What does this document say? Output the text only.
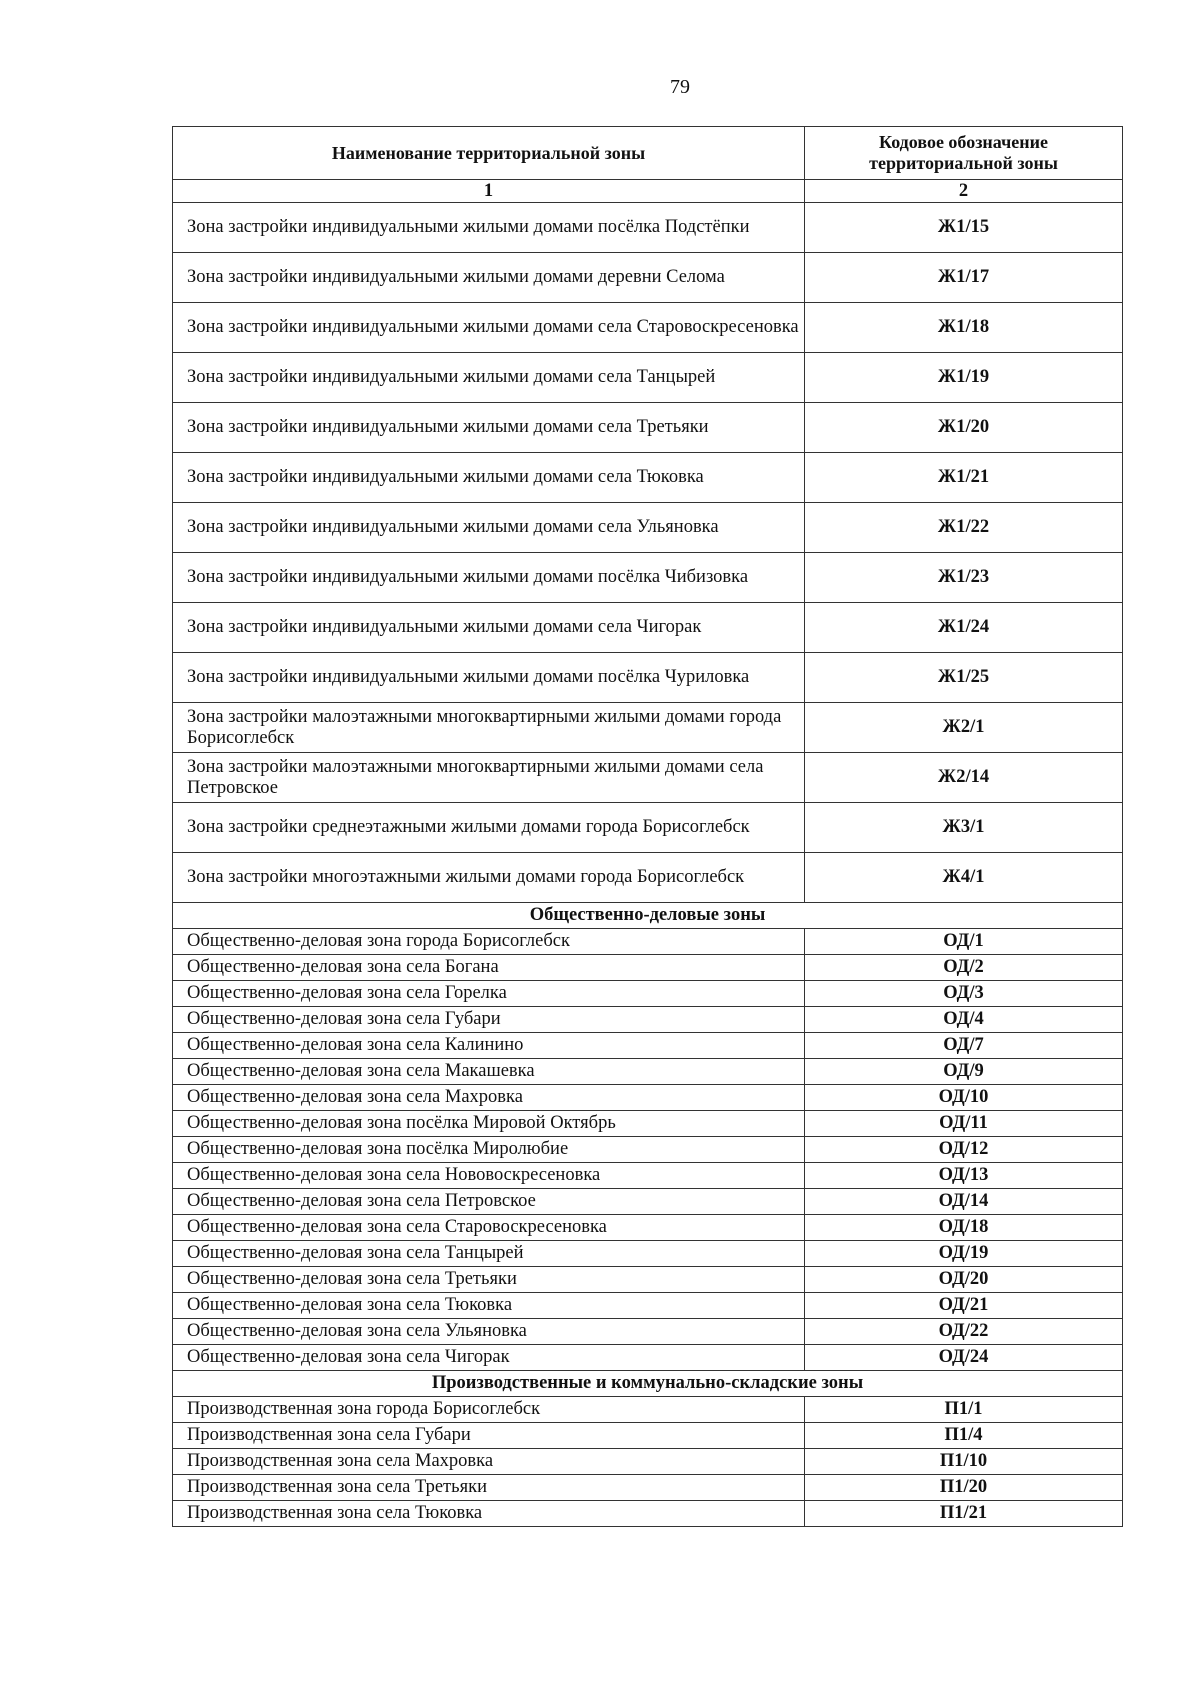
79
Наименование территориальной зоны	Кодовое обозначение территориальной зоны
1	2
Зона застройки индивидуальными жилыми домами посёлка Подстёпки	Ж1/15
Зона застройки индивидуальными жилыми домами деревни Селома	Ж1/17
Зона застройки индивидуальными жилыми домами села Старовоскресеновка	Ж1/18
Зона застройки индивидуальными жилыми домами села Танцырей	Ж1/19
Зона застройки индивидуальными жилыми домами села Третьяки	Ж1/20
Зона застройки индивидуальными жилыми домами села Тюковка	Ж1/21
Зона застройки индивидуальными жилыми домами села Ульяновка	Ж1/22
Зона застройки индивидуальными жилыми домами посёлка Чибизовка	Ж1/23
Зона застройки индивидуальными жилыми домами села Чигорак	Ж1/24
Зона застройки индивидуальными жилыми домами посёлка Чуриловка	Ж1/25
Зона застройки малоэтажными многоквартирными жилыми домами города Борисоглебск	Ж2/1
Зона застройки малоэтажными многоквартирными жилыми домами села Петровское	Ж2/14
Зона застройки среднеэтажными жилыми домами города Борисоглебск	Ж3/1
Зона застройки многоэтажными жилыми домами города Борисоглебск	Ж4/1
Общественно-деловые зоны	
Общественно-деловая зона города Борисоглебск	ОД/1
Общественно-деловая зона села Богана	ОД/2
Общественно-деловая зона села Горелка	ОД/3
Общественно-деловая зона села Губари	ОД/4
Общественно-деловая зона села Калинино	ОД/7
Общественно-деловая зона села Макашевка	ОД/9
Общественно-деловая зона села Махровка	ОД/10
Общественно-деловая зона посёлка Мировой Октябрь	ОД/11
Общественно-деловая зона посёлка Миролюбие	ОД/12
Общественно-деловая зона села Нововоскресеновка	ОД/13
Общественно-деловая зона села Петровское	ОД/14
Общественно-деловая зона села Старовоскресеновка	ОД/18
Общественно-деловая зона села Танцырей	ОД/19
Общественно-деловая зона села Третьяки	ОД/20
Общественно-деловая зона села Тюковка	ОД/21
Общественно-деловая зона села Ульяновка	ОД/22
Общественно-деловая зона села Чигорак	ОД/24
Производственные и коммунально-складские зоны	
Производственная зона города Борисоглебск	П1/1
Производственная зона села Губари	П1/4
Производственная зона села Махровка	П1/10
Производственная зона села Третьяки	П1/20
Производственная зона села Тюковка	П1/21
